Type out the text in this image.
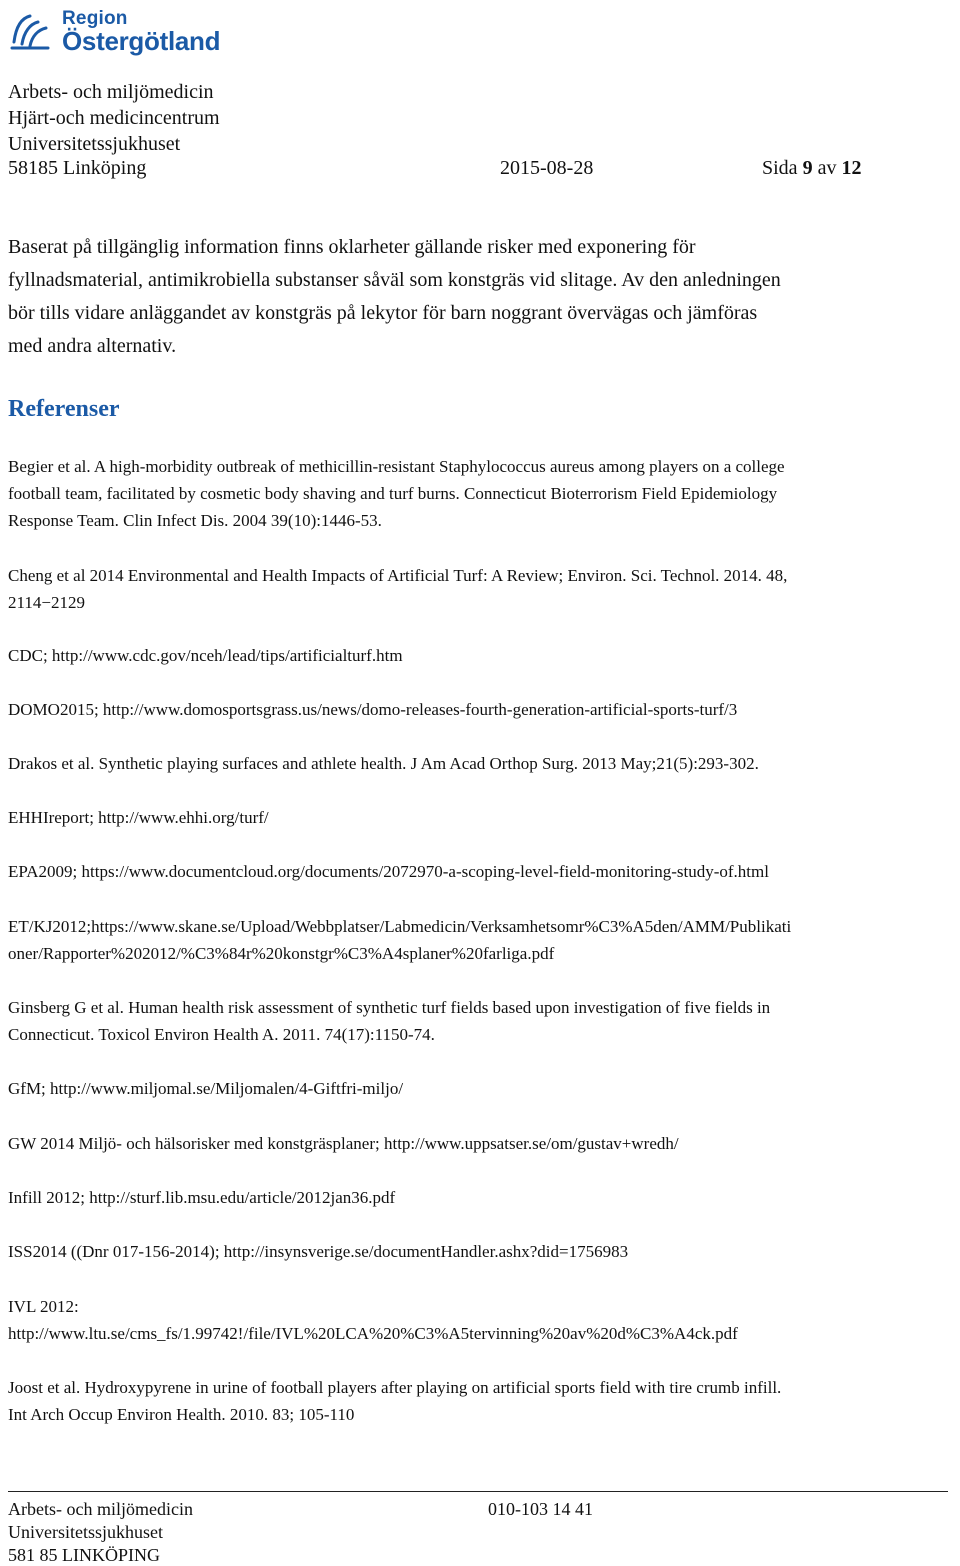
Region
Östergötland
Arbets- och miljömedicin
Hjärt-och medicincentrum
Universitetssjukhuset
58185 Linköping	2015-08-28	Sida 9 av 12
Baserat på tillgänglig information finns oklarheter gällande risker med exponering för
fyllnadsmaterial, antimikrobiella substanser såväl som konstgräs vid slitage. Av den anledningen
bör tills vidare anläggandet av konstgräs på lekytor för barn noggrant övervägas och jämföras
med andra alternativ.
Referenser
Begier et al. A high-morbidity outbreak of methicillin-resistant Staphylococcus aureus among players on a college
football team, facilitated by cosmetic body shaving and turf burns. Connecticut Bioterrorism Field Epidemiology
Response Team. Clin Infect Dis. 2004 39(10):1446-53.
Cheng et al 2014 Environmental and Health Impacts of Artificial Turf: A Review; Environ. Sci. Technol. 2014. 48,
2114−2129
CDC; http://www.cdc.gov/nceh/lead/tips/artificialturf.htm
DOMO2015; http://www.domosportsgrass.us/news/domo-releases-fourth-generation-artificial-sports-turf/3
Drakos et al. Synthetic playing surfaces and athlete health. J Am Acad Orthop Surg. 2013 May;21(5):293-302.
EHHIreport; http://www.ehhi.org/turf/
EPA2009; https://www.documentcloud.org/documents/2072970-a-scoping-level-field-monitoring-study-of.html
ET/KJ2012;https://www.skane.se/Upload/Webbplatser/Labmedicin/Verksamhetsomr%C3%A5den/AMM/Publikati
oner/Rapporter%202012/%C3%84r%20konstgr%C3%A4splaner%20farliga.pdf
Ginsberg G et al. Human health risk assessment of synthetic turf fields based upon investigation of five fields in
Connecticut. Toxicol Environ Health A. 2011. 74(17):1150-74.
GfM; http://www.miljomal.se/Miljomalen/4-Giftfri-miljo/
GW 2014 Miljö- och hälsorisker med konstgräsplaner; http://www.uppsatser.se/om/gustav+wredh/
Infill 2012; http://sturf.lib.msu.edu/article/2012jan36.pdf
ISS2014 ((Dnr 017-156-2014); http://insynsverige.se/documentHandler.ashx?did=1756983
IVL 2012:
http://www.ltu.se/cms_fs/1.99742!/file/IVL%20LCA%20%C3%A5tervinning%20av%20d%C3%A4ck.pdf
Joost et al. Hydroxypyrene in urine of football players after playing on artificial sports field with tire crumb infill.
Int Arch Occup Environ Health. 2010. 83; 105-110
Arbets- och miljömedicin	010-103 14 41
Universitetssjukhuset
581 85 LINKÖPING
